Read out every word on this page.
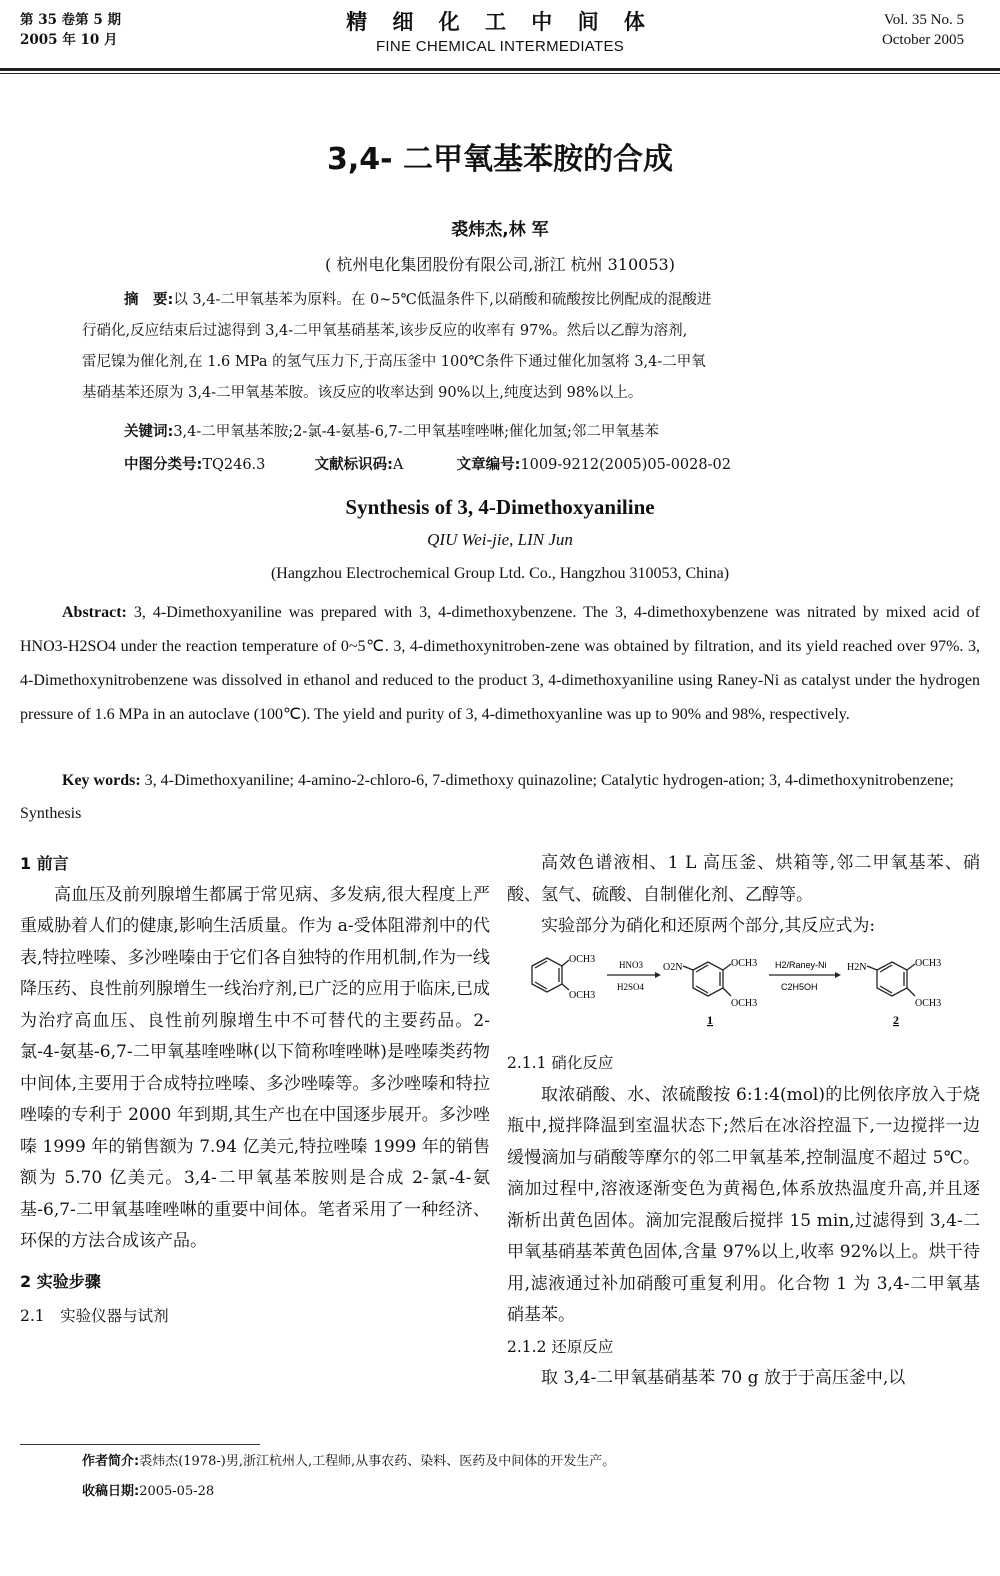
第 35 卷第 5 期
2005 年 10 月
精 细 化 工 中 间 体
FINE CHEMICAL INTERMEDIATES
Vol. 35 No. 5
October 2005
3,4- 二甲氧基苯胺的合成
裘炜杰,林 军
( 杭州电化集团股份有限公司,浙江 杭州 310053)
摘　要:以 3,4-二甲氧基苯为原料。在 0~5℃低温条件下,以硝酸和硫酸按比例配成的混酸进
行硝化,反应结束后过滤得到 3,4-二甲氧基硝基苯,该步反应的收率有 97%。然后以乙醇为溶剂,
雷尼镍为催化剂,在 1.6 MPa 的氢气压力下,于高压釜中 100℃条件下通过催化加氢将 3,4-二甲氧
基硝基苯还原为 3,4-二甲氧基苯胺。该反应的收率达到 90%以上,纯度达到 98%以上。
关键词:3,4-二甲氧基苯胺;2-氯-4-氨基-6,7-二甲氧基喹唑啉;催化加氢;邻二甲氧基苯
中图分类号:TQ246.3	文献标识码:A	文章编号:1009-9212(2005)05-0028-02
Synthesis of 3, 4-Dimethoxyaniline
QIU Wei-jie, LIN Jun
(Hangzhou Electrochemical Group Ltd. Co., Hangzhou 310053, China)
Abstract: 3, 4-Dimethoxyaniline was prepared with 3, 4-dimethoxybenzene. The 3, 4-dimethoxybenzene was nitrated by mixed acid of HNO3-H2SO4 under the reaction temperature of 0~5℃. 3, 4-dimethoxynitroben-zene was obtained by filtration, and its yield reached over 97%. 3, 4-Dimethoxynitrobenzene was dissolved in ethanol and reduced to the product 3, 4-dimethoxyaniline using Raney-Ni as catalyst under the hydrogen pressure of 1.6 MPa in an autoclave (100℃). The yield and purity of 3, 4-dimethoxyanline was up to 90% and 98%, respectively.
Key words: 3, 4-Dimethoxyaniline; 4-amino-2-chloro-6, 7-dimethoxy quinazoline; Catalytic hydrogen-ation; 3, 4-dimethoxynitrobenzene; Synthesis

1 前言

高血压及前列腺增生都属于常见病、多发病,很大程度上严重威胁着人们的健康,影响生活质量。作为 a-受体阻滞剂中的代表,特拉唑嗪、多沙唑嗪由于它们各自独特的作用机制,作为一线降压药、良性前列腺增生一线治疗剂,已广泛的应用于临床,已成为治疗高血压、良性前列腺增生中不可替代的主要药品。2-氯-4-氨基-6,7-二甲氧基喹唑啉(以下简称喹唑啉)是唑嗪类药物中间体,主要用于合成特拉唑嗪、多沙唑嗪等。多沙唑嗪和特拉唑嗪的专利于 2000 年到期,其生产也在中国逐步展开。多沙唑嗪 1999 年的销售额为 7.94 亿美元,特拉唑嗪 1999 年的销售额为 5.70 亿美元。3,4-二甲氧基苯胺则是合成 2-氯-4-氨基-6,7-二甲氧基喹唑啉的重要中间体。笔者采用了一种经济、环保的方法合成该产品。

2 实验步骤

2.1　实验仪器与试剂

高效色谱液相、1 L 高压釜、烘箱等,邻二甲氧基苯、硝酸、氢气、硫酸、自制催化剂、乙醇等。

实验部分为硝化和还原两个部分,其反应式为:

OCH3
OCH3
HNO3
H2SO4
O2N	OCH3
OCH3
1
H2/Raney-Ni
C2H5OH
H2N	OCH3
OCH3
2

2.1.1 硝化反应

取浓硝酸、水、浓硫酸按 6:1:4(mol)的比例依序放入于烧瓶中,搅拌降温到室温状态下;然后在冰浴控温下,一边搅拌一边缓慢滴加与硝酸等摩尔的邻二甲氧基苯,控制温度不超过 5℃。滴加过程中,溶液逐渐变色为黄褐色,体系放热温度升高,并且逐渐析出黄色固体。滴加完混酸后搅拌 15 min,过滤得到 3,4-二甲氧基硝基苯黄色固体,含量 97%以上,收率 92%以上。烘干待用,滤液通过补加硝酸可重复利用。化合物 1 为 3,4-二甲氧基硝基苯。

2.1.2 还原反应

取 3,4-二甲氧基硝基苯 70 g 放于于高压釜中,以

作者简介:裘炜杰(1978-)男,浙江杭州人,工程师,从事农药、染料、医药及中间体的开发生产。
收稿日期:2005-05-28
